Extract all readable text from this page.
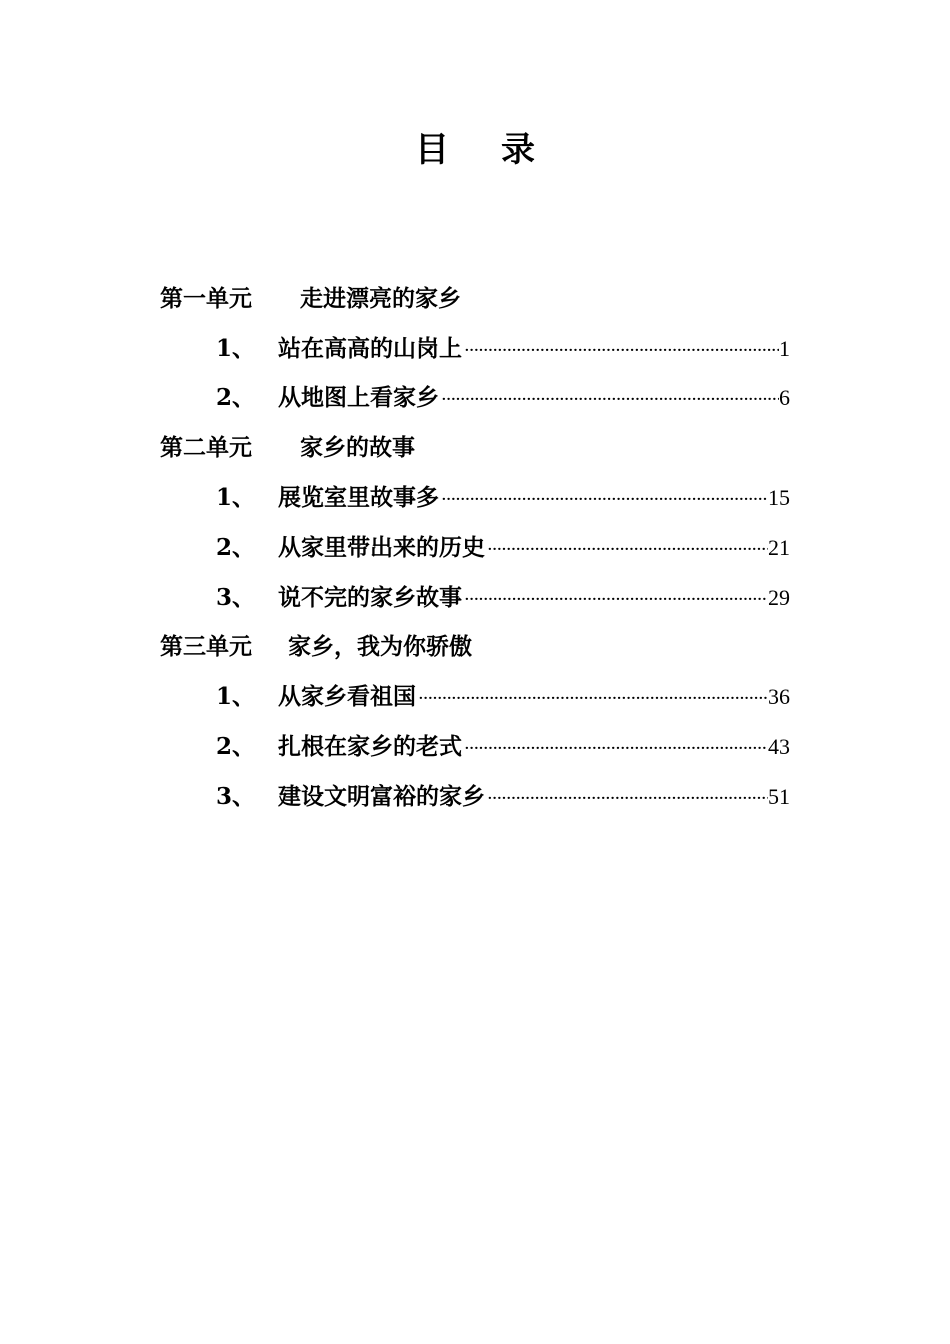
目 录
第一单元 走进漂亮的家乡
1、 站在高高的山岗上 ·····	1
2、 从地图上看家乡 ·····	6
第二单元 家乡的故事
1、 展览室里故事多 ·····	15
2、 从家里带出来的历史 ·····	21
3、 说不完的家乡故事 ·····	29
第三单元 家乡，我为你骄傲
1、 从家乡看祖国 ·····	36
2、 扎根在家乡的老式 ·····	43
3、 建设文明富裕的家乡 ·····	51
